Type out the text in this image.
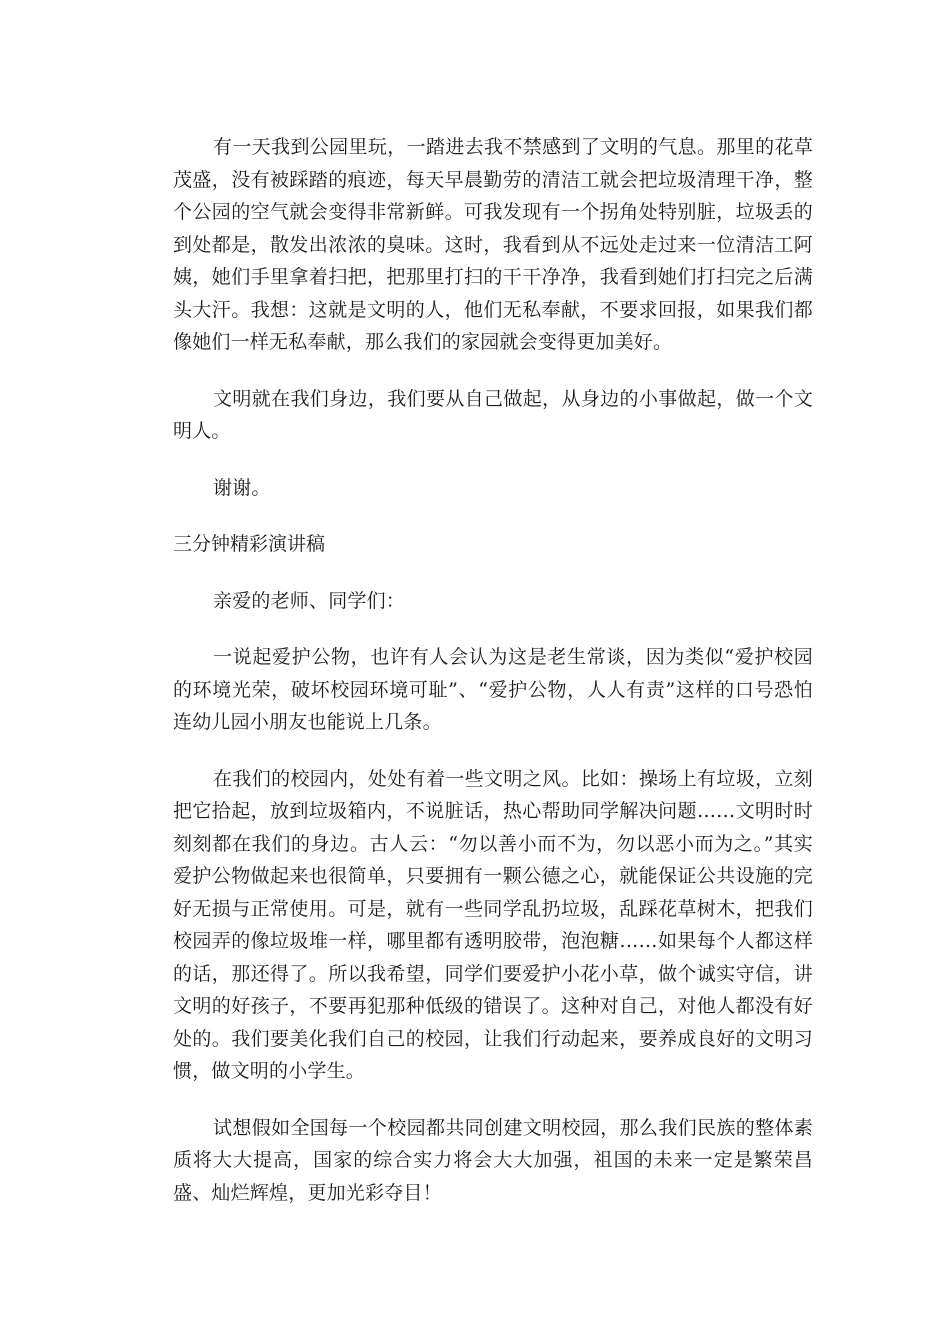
有一天我到公园里玩，一踏进去我不禁感到了文明的气息。那里的花草茂盛，没有被踩踏的痕迹，每天早晨勤劳的清洁工就会把垃圾清理干净，整个公园的空气就会变得非常新鲜。可我发现有一个拐角处特别脏，垃圾丢的到处都是，散发出浓浓的臭味。这时，我看到从不远处走过来一位清洁工阿姨，她们手里拿着扫把，把那里打扫的干干净净，我看到她们打扫完之后满头大汗。我想：这就是文明的人，他们无私奉献，不要求回报，如果我们都像她们一样无私奉献，那么我们的家园就会变得更加美好。

文明就在我们身边，我们要从自己做起，从身边的小事做起，做一个文明人。

谢谢。

三分钟精彩演讲稿

亲爱的老师、同学们：

一说起爱护公物，也许有人会认为这是老生常谈，因为类似“爱护校园的环境光荣，破坏校园环境可耻”、“爱护公物，人人有责”这样的口号恐怕连幼儿园小朋友也能说上几条。

在我们的校园内，处处有着一些文明之风。比如：操场上有垃圾，立刻把它拾起，放到垃圾箱内，不说脏话，热心帮助同学解决问题……文明时时刻刻都在我们的身边。古人云：“勿以善小而不为，勿以恶小而为之。”其实爱护公物做起来也很简单，只要拥有一颗公德之心，就能保证公共设施的完好无损与正常使用。可是，就有一些同学乱扔垃圾，乱踩花草树木，把我们校园弄的像垃圾堆一样，哪里都有透明胶带，泡泡糖……如果每个人都这样的话，那还得了。所以我希望，同学们要爱护小花小草，做个诚实守信，讲文明的好孩子，不要再犯那种低级的错误了。这种对自己，对他人都没有好处的。我们要美化我们自己的校园，让我们行动起来，要养成良好的文明习惯，做文明的小学生。

试想假如全国每一个校园都共同创建文明校园，那么我们民族的整体素质将大大提高，国家的综合实力将会大大加强，祖国的未来一定是繁荣昌盛、灿烂辉煌，更加光彩夺目！
